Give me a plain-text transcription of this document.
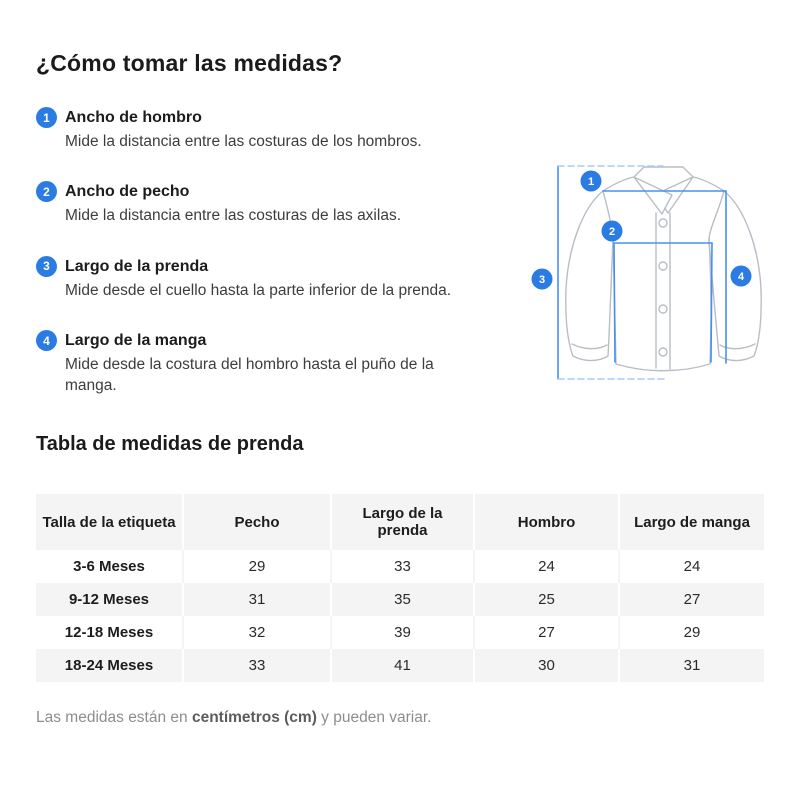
¿Cómo tomar las medidas?
1 Ancho de hombro
Mide la distancia entre las costuras de los hombros.
2 Ancho de pecho
Mide la distancia entre las costuras de las axilas.
3 Largo de la prenda
Mide desde el cuello hasta la parte inferior de la prenda.
4 Largo de la manga
Mide desde la costura del hombro hasta el puño de la manga.
1
2
3	4
Tabla de medidas de prenda
Talla de la etiqueta	Pecho	Largo de la prenda	Hombro	Largo de manga
3-6 Meses	29	33	24	24
9-12 Meses	31	35	25	27
12-18 Meses	32	39	27	29
18-24 Meses	33	41	30	31

Las medidas están en centímetros (cm) y pueden variar.
